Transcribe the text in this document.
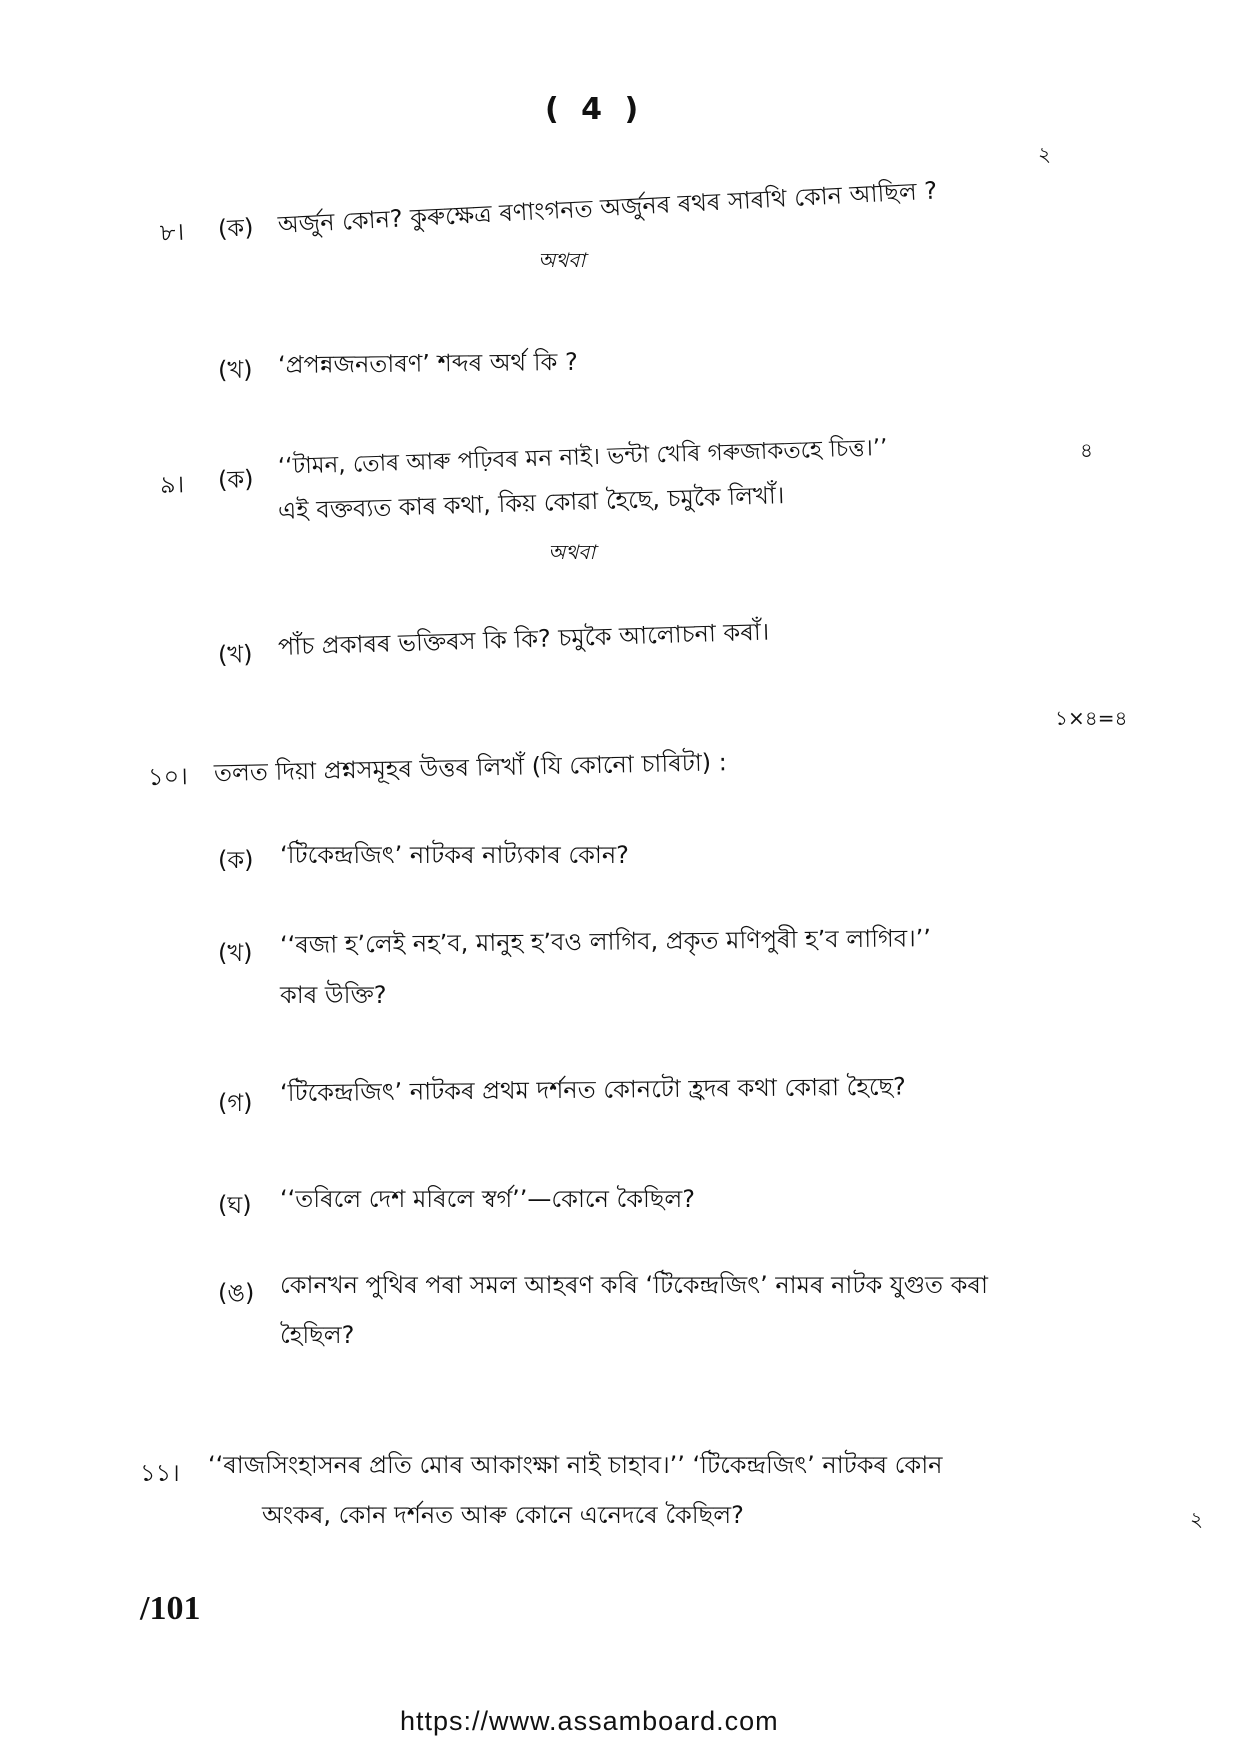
( 4 )
২
৮। (ক) অৰ্জুন কোন? কুৰুক্ষেত্ৰ ৰণাংগনত অৰ্জুনৰ ৰথৰ সাৰথি কোন আছিল ?
অথবা
(খ) ‘প্ৰপন্নজনতাৰণ’ শব্দৰ অৰ্থ কি ?
৪
৯। (ক) ‘‘টামন, তোৰ আৰু পঢ়িবৰ মন নাই। ভন্টা খেৰি গৰুজাকতহে চিত্ত।’’
এই বক্তব্যত কাৰ কথা, কিয় কোৱা হৈছে, চমুকৈ লিখাঁ।
অথবা
(খ) পাঁচ প্ৰকাৰৰ ভক্তিৰস কি কি? চমুকৈ আলোচনা কৰাঁ।
১×৪=৪
১০। তলত দিয়া প্ৰশ্নসমূহৰ উত্তৰ লিখাঁ (যি কোনো চাৰিটা) :
(ক) ‘টিকেন্দ্ৰজিৎ’ নাটকৰ নাট্যকাৰ কোন?
(খ) ‘‘ৰজা হ’লেই নহ’ব, মানুহ হ’বও লাগিব, প্ৰকৃত মণিপুৰী হ’ব লাগিব।’’
কাৰ উক্তি?
(গ) ‘টিকেন্দ্ৰজিৎ’ নাটকৰ প্ৰথম দৰ্শনত কোনটো হ্ৰদৰ কথা কোৱা হৈছে?
(ঘ) ‘‘তৰিলে দেশ মৰিলে স্বৰ্গ’’—কোনে কৈছিল?
(ঙ) কোনখন পুথিৰ পৰা সমল আহৰণ কৰি ‘টিকেন্দ্ৰজিৎ’ নামৰ নাটক যুগুত কৰা
হৈছিল?
১১। ‘‘ৰাজসিংহাসনৰ প্ৰতি মোৰ আকাংক্ষা নাই চাহাব।’’ ‘টিকেন্দ্ৰজিৎ’ নাটকৰ কোন
অংকৰ, কোন দৰ্শনত আৰু কোনে এনেদৰে কৈছিল?	২
/101
https://www.assamboard.com
